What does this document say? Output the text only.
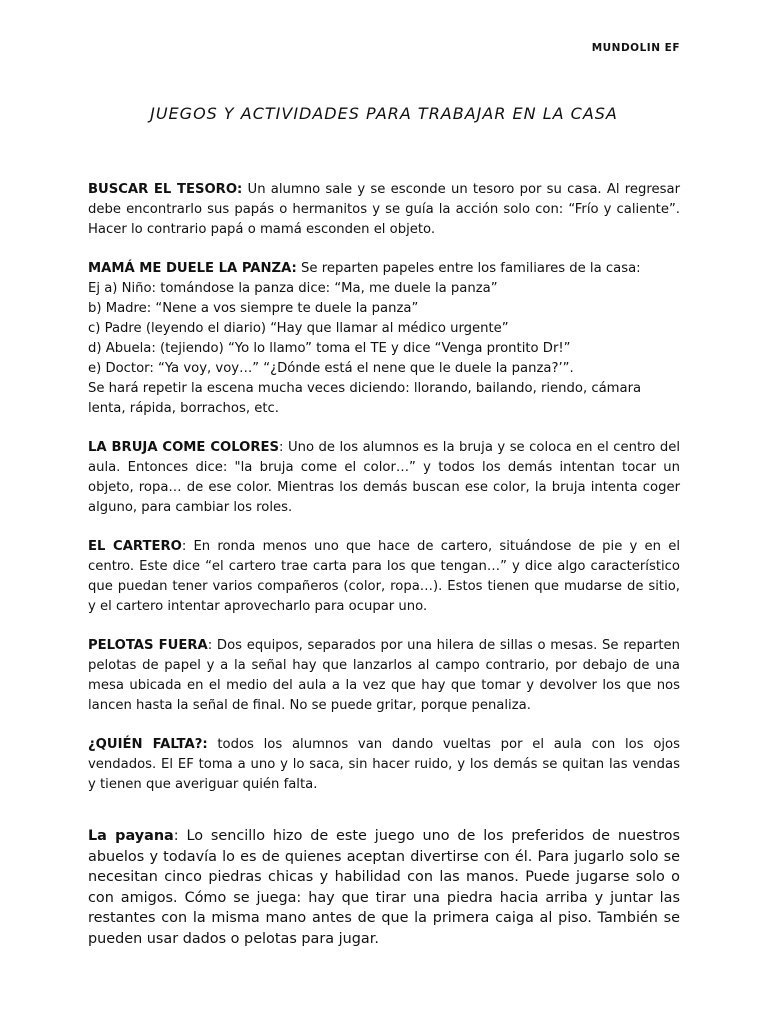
MUNDOLIN EF
JUEGOS Y ACTIVIDADES PARA TRABAJAR EN LA CASA

BUSCAR EL TESORO: Un alumno sale y se esconde un tesoro por su casa. Al regresar debe encontrarlo sus papás o hermanitos y se guía la acción solo con: “Frío y caliente”. Hacer lo contrario papá o mamá esconden el objeto.

MAMÁ ME DUELE LA PANZA: Se reparten papeles entre los familiares de la casa:
Ej a) Niño: tomándose la panza dice: “Ma, me duele la panza”
b) Madre: “Nene a vos siempre te duele la panza”
c) Padre (leyendo el diario) “Hay que llamar al médico urgente”
d) Abuela: (tejiendo) “Yo lo llamo” toma el TE y dice “Venga prontito Dr!”
e) Doctor: “Ya voy, voy…” “¿Dónde está el nene que le duele la panza?’”.
Se hará repetir la escena mucha veces diciendo: llorando, bailando, riendo, cámara lenta, rápida, borrachos, etc.

LA BRUJA COME COLORES: Uno de los alumnos es la bruja y se coloca en el centro del aula. Entonces dice: "la bruja come el color…” y todos los demás intentan tocar un objeto, ropa… de ese color. Mientras los demás buscan ese color, la bruja intenta coger alguno, para cambiar los roles.

EL CARTERO: En ronda menos uno que hace de cartero, situándose de pie y en el centro. Este dice “el cartero trae carta para los que tengan…” y dice algo característico que puedan tener varios compañeros (color, ropa…). Estos tienen que mudarse de sitio, y el cartero intentar aprovecharlo para ocupar uno.

PELOTAS FUERA: Dos equipos, separados por una hilera de sillas o mesas. Se reparten pelotas de papel y a la señal hay que lanzarlos al campo contrario, por debajo de una mesa ubicada en el medio del aula a la vez que hay que tomar y devolver los que nos lancen hasta la señal de final. No se puede gritar, porque penaliza.

¿QUIÉN FALTA?: todos los alumnos van dando vueltas por el aula con los ojos vendados. El EF toma a uno y lo saca, sin hacer ruido, y los demás se quitan las vendas y tienen que averiguar quién falta.

La payana: Lo sencillo hizo de este juego uno de los preferidos de nuestros abuelos y todavía lo es de quienes aceptan divertirse con él. Para jugarlo solo se necesitan cinco piedras chicas y habilidad con las manos. Puede jugarse solo o con amigos. Cómo se juega: hay que tirar una piedra hacia arriba y juntar las restantes con la misma mano antes de que la primera caiga al piso. También se pueden usar dados o pelotas para jugar.
